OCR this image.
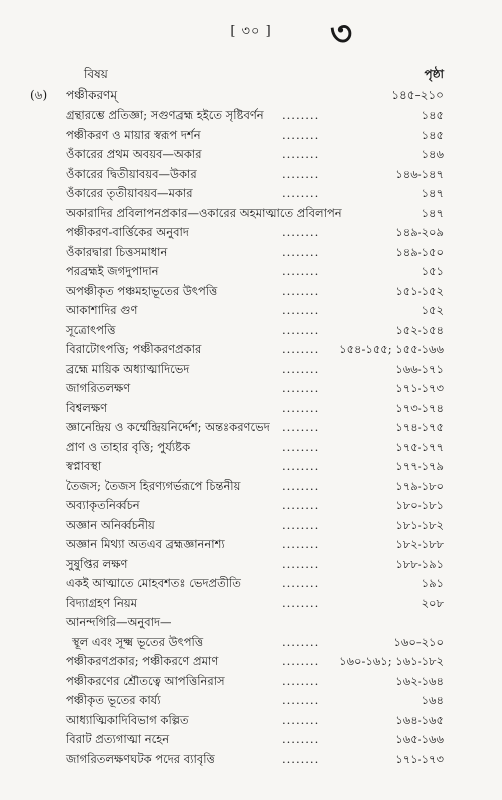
[ ৩০ ]	৩
বিষয়	পৃষ্ঠা
(৬) পঞ্চীকরণম্	১৪৫–২১০
গ্রন্থারম্ভে প্রতিজ্ঞা; সগুণব্রহ্ম হইতে সৃষ্টিবর্ণন ........	১৪৫
পঞ্চীকরণ ও মায়ার স্বরূপ দর্শন	........	১৪৫
ওঁকারের প্রথম অবয়ব—অকার	........	১৪৬
ওঁকারের দ্বিতীয়াবয়ব—উকার	........	১৪৬-১৪৭
ওঁকারের তৃতীয়াবয়ব—মকার	........	১৪৭
অকারাদির প্রবিলাপনপ্রকার—ওকারের অহমাত্মাতে প্রবিলাপন	১৪৭
পঞ্চীকরণ-বার্ত্তিকের অনুবাদ	........	১৪৯-২০৯
ওঁকারদ্বারা চিত্তসমাধান	........	১৪৯-১৫০
পরব্রহ্মই জগদুপাদান	........	১৫১
অপঞ্চীকৃত পঞ্চমহাভূতের উৎপত্তি	........	১৫১-১৫২
আকাশাদির গুণ	........	১৫২
সূত্রোৎপত্তি	........	১৫২-১৫৪
বিরাটোৎপত্তি; পঞ্চীকরণপ্রকার	........ ১৫৪-১৫৫; ১৫৫-১৬৬
ব্রহ্মে মায়িক অধ্যাত্মাদিভেদ	........	১৬৬-১৭১
জাগরিতলক্ষণ	........	১৭১-১৭৩
বিশ্বলক্ষণ	........	১৭৩-১৭৪
জ্ঞানেন্দ্রিয় ও কর্ম্মেন্দ্রিয়নির্দ্দেশ; অন্তঃকরণভেদ ........	১৭৪-১৭৫
প্রাণ ও তাহার বৃত্তি; পুর্য্যষ্টক	........	১৭৫-১৭৭
স্বপ্নাবস্থা	........	১৭৭-১৭৯
তৈজস; তৈজস হিরণ্যগর্ভরূপে চিন্তনীয়	........	১৭৯-১৮০
অব্যাকৃতনির্ব্বচন	........	১৮০-১৮১
অজ্ঞান অনির্ব্বচনীয়	........	১৮১-১৮২
অজ্ঞান মিথ্যা অতএব ব্রহ্মজ্ঞাননাশ্য	........	১৮২-১৮৮
সুষুপ্তির লক্ষণ	........	১৮৮-১৯১
একই আত্মাতে মোহবশতঃ ভেদপ্রতীতি	........	১৯১
বিদ্যাগ্রহণ নিয়ম	........	২০৮
আনন্দগিরি—অনুবাদ—
স্থূল এবং সূক্ষ্ম ভূতের উৎপত্তি	........	১৬০–২১০
পঞ্চীকরণপ্রকার; পঞ্চীকরণে প্রমাণ	........ ১৬০-১৬১; ১৬১-১৮২
পঞ্চীকরণের শ্রৌতত্বে আপত্তিনিরাস	........	১৬২-১৬৪
পঞ্চীকৃত ভূতের কার্য্য	........	১৬৪
আধ্যাত্মিকাদিবিভাগ কল্পিত	........	১৬৪-১৬৫
বিরাট প্রত্যগাত্মা নহেন	........	১৬৫-১৬৬
জাগরিতলক্ষণঘটক পদের ব্যাবৃত্তি	........	১৭১-১৭৩
